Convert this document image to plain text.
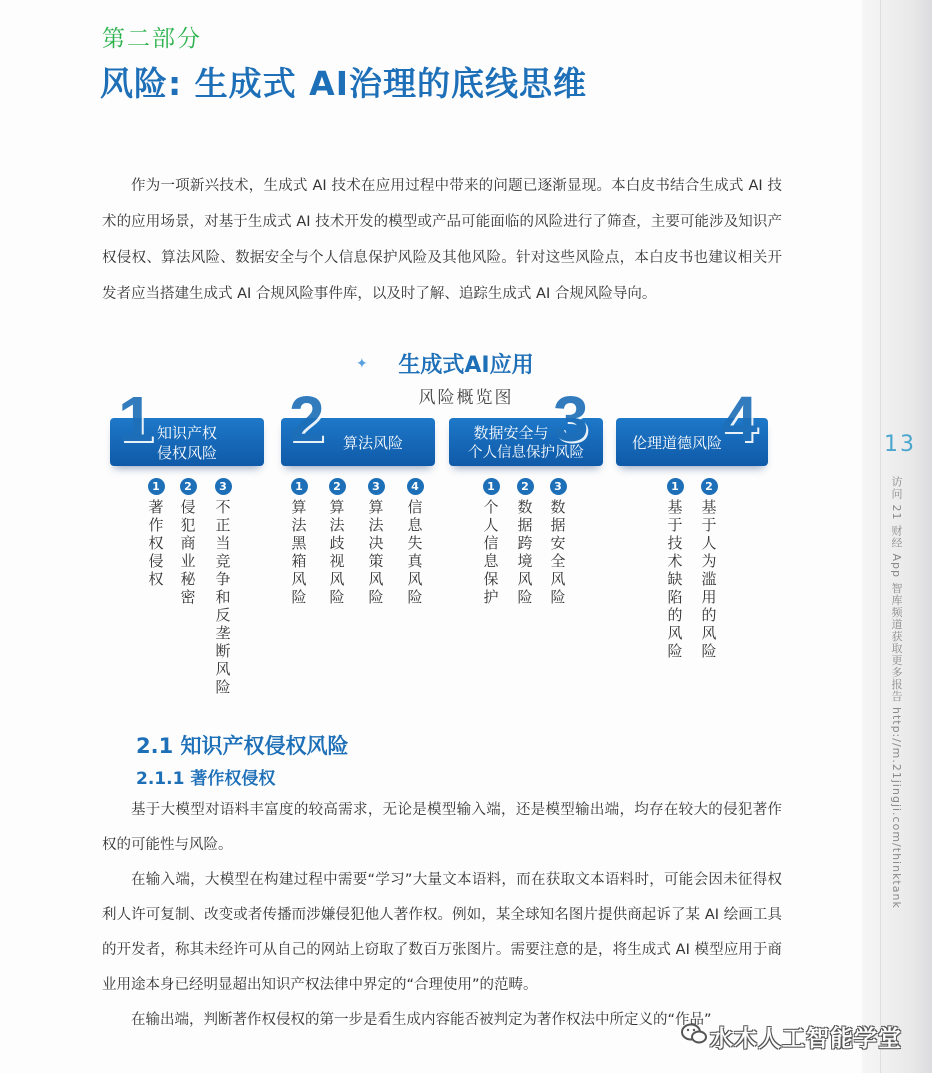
第二部分
风险: 生成式 AI治理的底线思维

作为一项新兴技术，生成式 AI 技术在应用过程中带来的问题已逐渐显现。本白皮书结合生成式 AI 技术的应用场景，对基于生成式 AI 技术开发的模型或产品可能面临的风险进行了筛查，主要可能涉及知识产权侵权、算法风险、数据安全与个人信息保护风险及其他风险。针对这些风险点，本白皮书也建议相关开发者应当搭建生成式 AI 合规风险事件库，以及时了解、追踪生成式 AI 合规风险导向。

生成式AI应用
风险概览图
✦
1 知识产权
侵权风险	2	算法风险	3
数据安全与
个人信息保护风险 4
伦理道德风险
1
著作权侵权
2
侵犯商业秘密
3
不正当竞争和反垄断风险
1
算法黑箱风险
2
算法歧视风险
3
算法决策风险
4
信息失真风险
1
个人信息保护
2
数据跨境风险
3
数据安全风险
1
基于技术缺陷的风险
2
基于人为滥用的风险
2.1 知识产权侵权风险
2.1.1 著作权侵权

基于大模型对语料丰富度的较高需求，无论是模型输入端，还是模型输出端，均存在较大的侵犯著作权的可能性与风险。

在输入端，大模型在构建过程中需要“学习”大量文本语料，而在获取文本语料时，可能会因未征得权利人许可复制、改变或者传播而涉嫌侵犯他人著作权。例如，某全球知名图片提供商起诉了某 AI 绘画工具的开发者，称其未经许可从自己的网站上窃取了数百万张图片。需要注意的是，将生成式 AI 模型应用于商业用途本身已经明显超出知识产权法律中界定的“合理使用”的范畴。

在输出端，判断著作权侵权的第一步是看生成内容能否被判定为著作权法中所定义的“作品”

13
访问 21 财经 App 智库频道获取更多报告 http://m.21jingji.com/thinktank
水木人工智能学堂
